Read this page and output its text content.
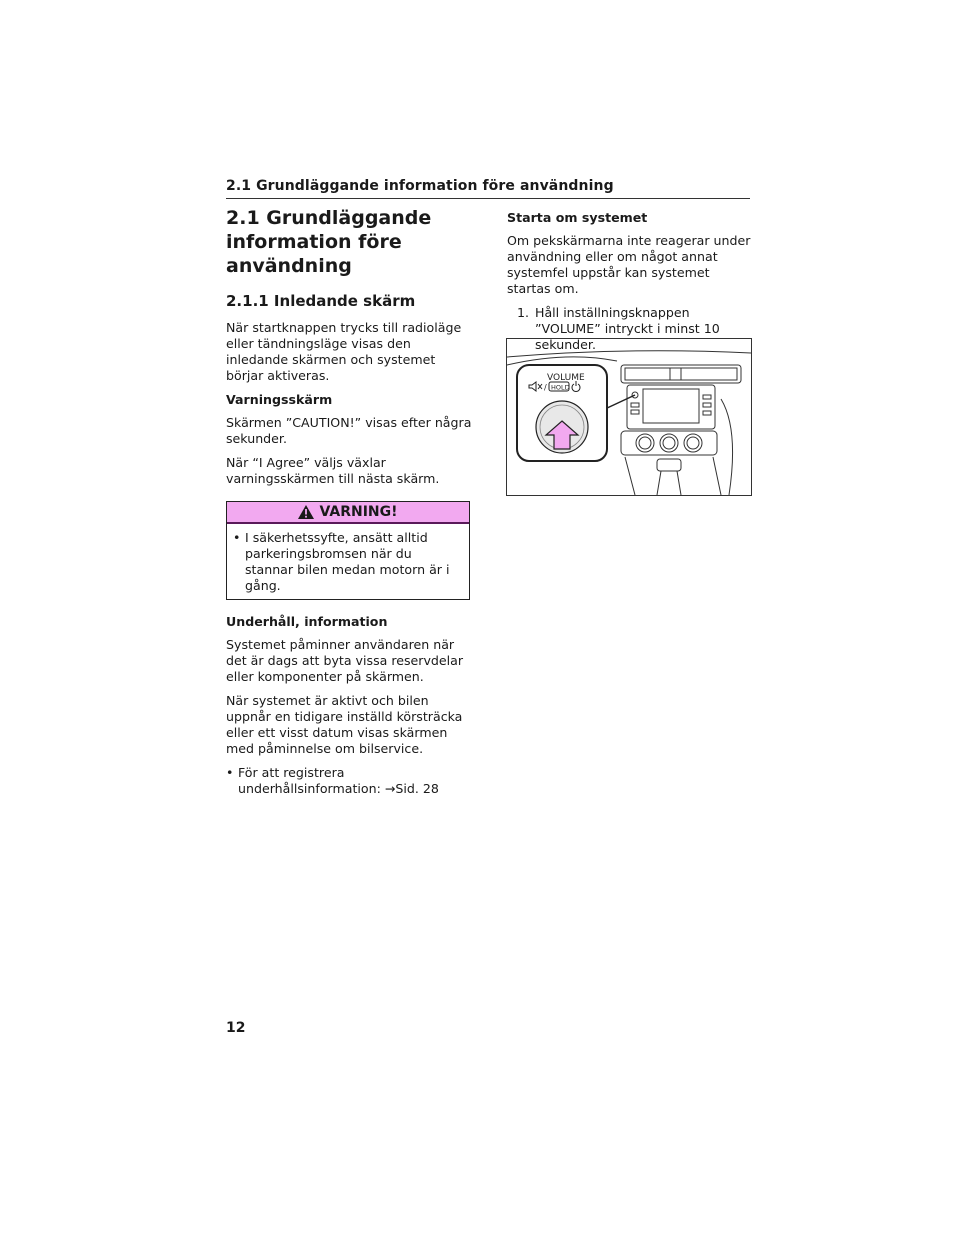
2.1 Grundläggande information före användning
2.1 Grundläggande
information före
användning
2.1.1 Inledande skärm
När startknappen trycks till radioläge eller tändningsläge visas den inledande skärmen och systemet börjar aktiveras.
Varningsskärm
Skärmen ”CAUTION!” visas efter några sekunder.
När “I Agree” väljs växlar varningsskärmen till nästa skärm.
VARNING!
• I säkerhetssyfte, ansätt alltid parkeringsbromsen när du stannar bilen medan motorn är i gång.
Underhåll, information
Systemet påminner användaren när det är dags att byta vissa reservdelar eller komponenter på skärmen.
När systemet är aktivt och bilen uppnår en tidigare inställd körsträcka eller ett visst datum visas skärmen med påminnelse om bilservice.
• För att registrera underhållsinformation: →Sid. 28
Starta om systemet
Om pekskärmarna inte reagerar under användning eller om något annat systemfel uppstår kan systemet startas om.
1. Håll inställningsknappen ”VOLUME” intryckt i minst 10 sekunder.
VOLUME
/ HOLD
12
